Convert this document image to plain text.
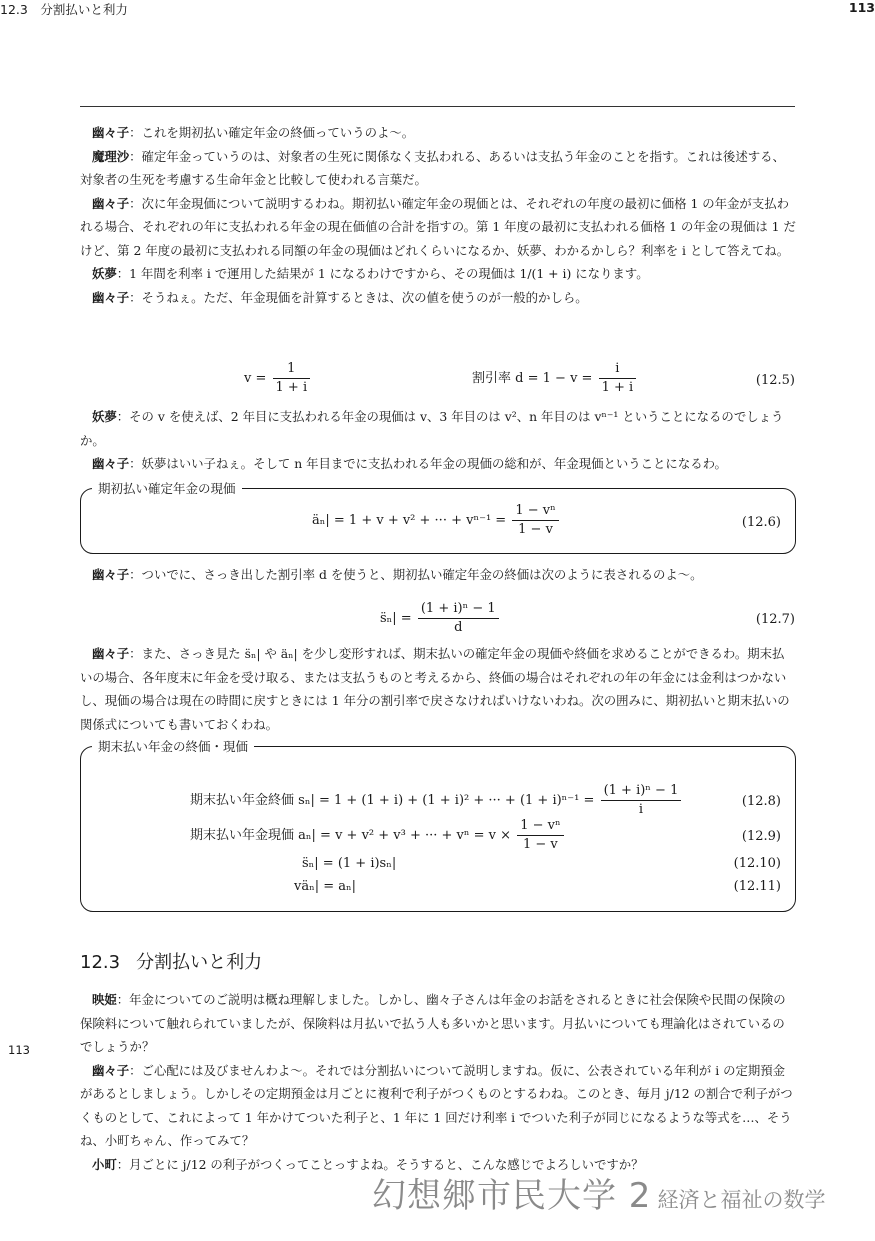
12.3　分割払いと利力	113

幽々子：これを期初払い確定年金の終価っていうのよ〜。

魔理沙：確定年金っていうのは、対象者の生死に関係なく支払われる、あるいは支払う年金のことを指す。これは後述する、対象者の生死を考慮する生命年金と比較して使われる言葉だ。

幽々子：次に年金現価について説明するわね。期初払い確定年金の現価とは、それぞれの年度の最初に価格 1 の年金が支払われる場合、それぞれの年に支払われる年金の現在価値の合計を指すの。第 1 年度の最初に支払われる価格 1 の年金の現価は 1 だけど、第 2 年度の最初に支払われる同額の年金の現価はどれくらいになるか、妖夢、わかるかしら？利率を i として答えてね。

妖夢：1 年間を利率 i で運用した結果が 1 になるわけですから、その現価は 1/(1 + i) になります。

幽々子：そうねぇ。ただ、年金現価を計算するときは、次の値を使うのが一般的かしら。

$v = \frac{1}{1 + i}$	割引率 $d = 1 - v = \frac{i}{1 + i}$	(12.5)

妖夢：その v を使えば、2 年目に支払われる年金の現価は v、3 年目のは v²、n 年目のは vⁿ⁻¹ ということになるのでしょうか。

幽々子：妖夢はいい子ねぇ。そして n 年目までに支払われる年金の現価の総和が、年金現価ということになるわ。

期初払い確定年金の現価
äₙ| = 1 + v + v² + ··· + $v^{n-1} = \frac{\text{1 − vⁿ}}{1 - v}$	(12.6)

幽々子：ついでに、さっき出した割引率 d を使うと、期初払い確定年金の終価は次のように表されるのよ〜。

s̈ₙ| = $\frac{\text{(1 + i)ⁿ − 1}}{d}$	(12.7)

幽々子：また、さっき見た s̈ₙ| や äₙ| を少し変形すれば、期末払いの確定年金の現価や終価を求めることができるわ。期末払いの場合、各年度末に年金を受け取る、または支払うものと考えるから、終価の場合はそれぞれの年の年金には金利はつかないし、現価の場合は現在の時間に戻すときには 1 年分の割引率で戻さなければいけないわね。次の囲みに、期初払いと期末払いの関係式についても書いておくわね。

期末払い年金の終価・現価
期末払い年金終価 sₙ| = 1 + (1 + i) + (1 + i)² + ··· + $(1 + i)^{n-1} = \frac{\text{(1 + i)ⁿ − 1}}{i}$	(12.8)
期末払い年金現価 aₙ| = v + v² + v³ + ··· + $v^n = v \times \frac{\text{1 − vⁿ}}{1 - v}$	(12.9)
s̈ₙ| = (1 + i)sₙ|	(12.10)
väₙ| = aₙ|	(12.11)
12.3 分割払いと利力

映姫：年金についてのご説明は概ね理解しました。しかし、幽々子さんは年金のお話をされるときに社会保険や民間の保険の保険料について触れられていましたが、保険料は月払いで払う人も多いかと思います。月払いについても理論化はされているのでしょうか？

幽々子：ご心配には及びませんわよ〜。それでは分割払いについて説明しますね。仮に、公表されている年利が i の定期預金があるとしましょう。しかしその定期預金は月ごとに複利で利子がつくものとするわね。このとき、毎月 j/12 の割合で利子がつくものとして、これによって 1 年かけてついた利子と、1 年に 1 回だけ利率 i でついた利子が同じになるような等式を…、そうね、小町ちゃん、作ってみて？

小町：月ごとに j/12 の利子がつくってことっすよね。そうすると、こんな感じでよろしいですか？

113
幻想郷市民大学 2 経済と福祉の数学
